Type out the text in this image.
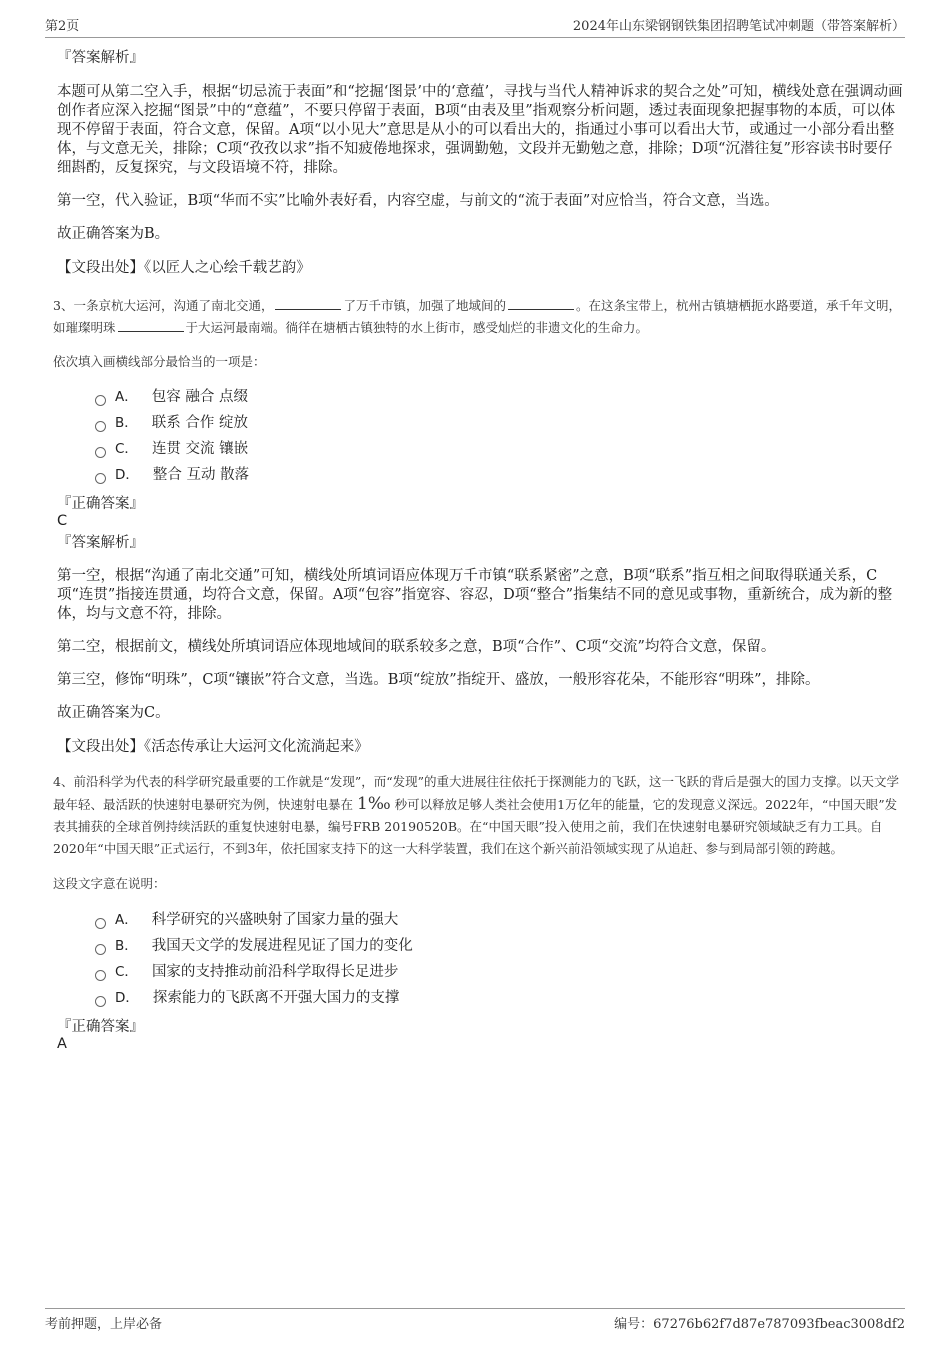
第2页	2024年山东梁钢钢铁集团招聘笔试冲刺题（带答案解析）

『答案解析』

本题可从第二空入手，根据“切忌流于表面”和“挖掘‘图景’中的‘意蕴’，寻找与当代人精神诉求的契合之处”可知，横线处意在强调动画创作者应深入挖掘“图景”中的“意蕴”，不要只停留于表面，B项“由表及里”指观察分析问题，透过表面现象把握事物的本质，可以体现不停留于表面，符合文意，保留。A项“以小见大”意思是从小的可以看出大的，指通过小事可以看出大节，或通过一小部分看出整体，与文意无关，排除；C项“孜孜以求”指不知疲倦地探求，强调勤勉，文段并无勤勉之意，排除；D项“沉潜往复”形容读书时要仔细斟酌，反复探究，与文段语境不符，排除。

第一空，代入验证，B项“华而不实”比喻外表好看，内容空虚，与前文的“流于表面”对应恰当，符合文意，当选。

故正确答案为B。

【文段出处】《以匠人之心绘千载艺韵》

3、一条京杭大运河，沟通了南北交通，	了万千市镇，加强了地域间的	。在这条宝带上，杭州古镇塘栖扼水路要道，承千年文明，如璀璨明珠	于大运河最南端。徜徉在塘栖古镇独特的水上街市，感受灿烂的非遗文化的生命力。

依次填入画横线部分最恰当的一项是：

A． 包容 融合 点缀
B． 联系 合作 绽放
C． 连贯 交流 镶嵌
D． 整合 互动 散落

『正确答案』

C

『答案解析』

第一空，根据“沟通了南北交通”可知，横线处所填词语应体现万千市镇“联系紧密”之意，B项“联系”指互相之间取得联通关系，C项“连贯”指接连贯通，均符合文意，保留。A项“包容”指宽容、容忍，D项“整合”指集结不同的意见或事物，重新统合，成为新的整体，均与文意不符，排除。

第二空，根据前文，横线处所填词语应体现地域间的联系较多之意，B项“合作”、C项“交流”均符合文意，保留。

第三空，修饰“明珠”，C项“镶嵌”符合文意，当选。B项“绽放”指绽开、盛放，一般形容花朵，不能形容“明珠”，排除。

故正确答案为C。

【文段出处】《活态传承让大运河文化流淌起来》

4、前沿科学为代表的科学研究最重要的工作就是“发现”，而“发现”的重大进展往往依托于探测能力的飞跃，这一飞跃的背后是强大的国力支撑。以天文学最年轻、最活跃的快速射电暴研究为例，快速射电暴在 1‰ 秒可以释放足够人类社会使用1万亿年的能量，它的发现意义深远。2022年，“中国天眼”发表其捕获的全球首例持续活跃的重复快速射电暴，编号FRB 20190520B。在“中国天眼”投入使用之前，我们在快速射电暴研究领域缺乏有力工具。自2020年“中国天眼”正式运行，不到3年，依托国家支持下的这一大科学装置，我们在这个新兴前沿领域实现了从追赶、参与到局部引领的跨越。

这段文字意在说明：

A． 科学研究的兴盛映射了国家力量的强大
B． 我国天文学的发展进程见证了国力的变化
C． 国家的支持推动前沿科学取得长足进步
D． 探索能力的飞跃离不开强大国力的支撑

『正确答案』

A

考前押题，上岸必备	编号：67276b62f7d87e787093fbeac3008df2
